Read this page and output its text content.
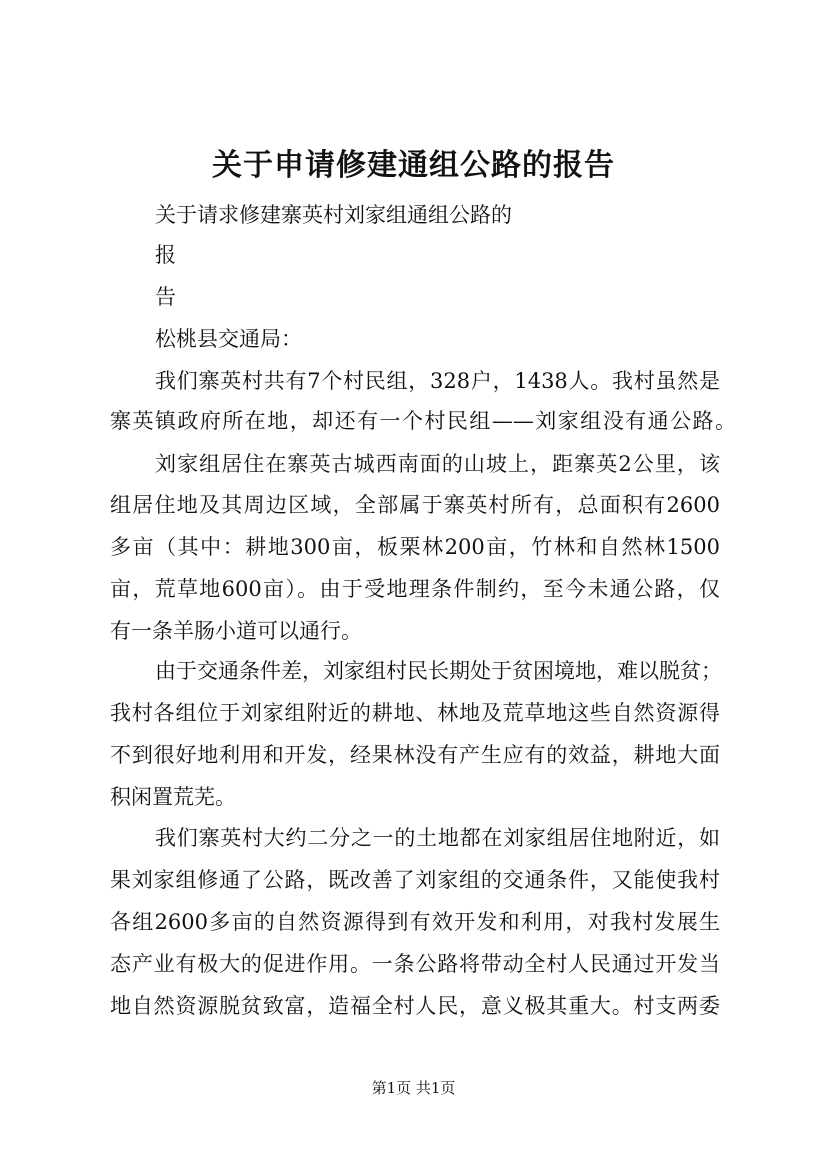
关于申请修建通组公路的报告

关于请求修建寨英村刘家组通组公路的

报

告

松桃县交通局：

我们寨英村共有7个村民组，328户，1438人。我村虽然是

寨英镇政府所在地，却还有一个村民组——刘家组没有通公路。

刘家组居住在寨英古城西南面的山坡上，距寨英2公里，该

组居住地及其周边区域，全部属于寨英村所有，总面积有2600

多亩（其中：耕地300亩，板栗林200亩，竹林和自然林1500

亩，荒草地600亩）。由于受地理条件制约，至今未通公路，仅

有一条羊肠小道可以通行。

由于交通条件差，刘家组村民长期处于贫困境地，难以脱贫；

我村各组位于刘家组附近的耕地、林地及荒草地这些自然资源得

不到很好地利用和开发，经果林没有产生应有的效益，耕地大面

积闲置荒芜。

我们寨英村大约二分之一的土地都在刘家组居住地附近，如

果刘家组修通了公路，既改善了刘家组的交通条件，又能使我村

各组2600多亩的自然资源得到有效开发和利用，对我村发展生

态产业有极大的促进作用。一条公路将带动全村人民通过开发当

地自然资源脱贫致富，造福全村人民，意义极其重大。村支两委

第1页 共1页
